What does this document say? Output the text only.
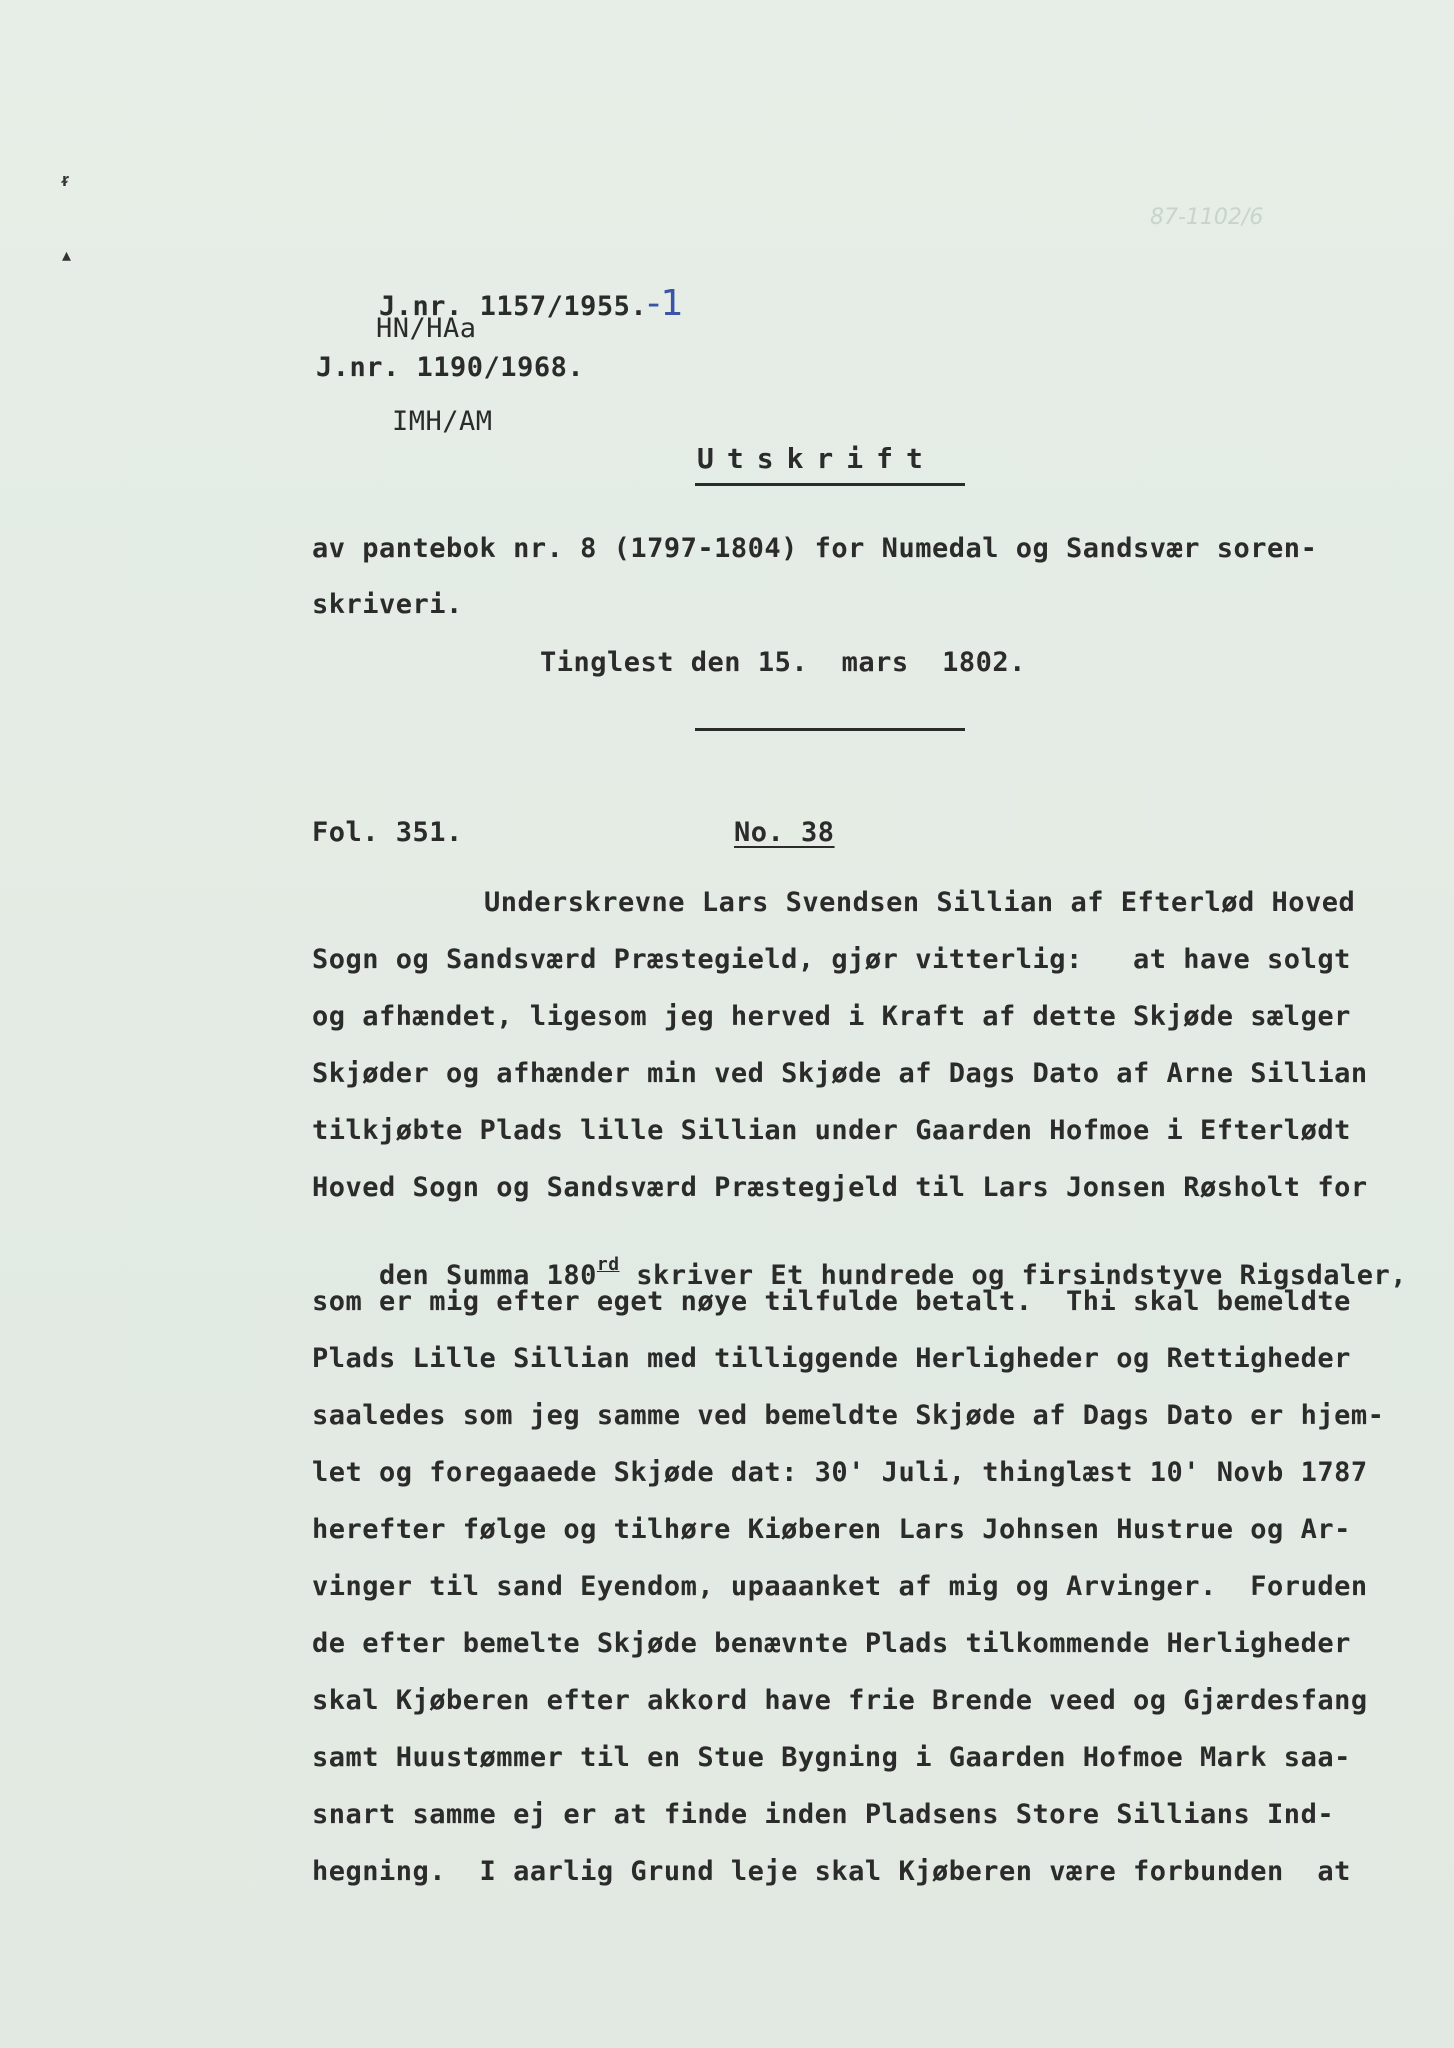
ᵲ
▴
87-1102/6

J.nr. 1157/1955.-1

HN/HAa
J.nr. 1190/1968.
IMH/AM
Utskrift
av pantebok nr. 8 (1797-1804) for Numedal og Sandsvær soren-
skriveri.
Tinglest den 15.  mars  1802.
Fol. 351.	No. 38
Underskrevne Lars Svendsen Sillian af Efterlød Hoved
Sogn og Sandsværd Præstegield, gjør vitterlig:   at have solgt
og afhændet, ligesom jeg herved i Kraft af dette Skjøde sælger
Skjøder og afhænder min ved Skjøde af Dags Dato af Arne Sillian
tilkjøbte Plads lille Sillian under Gaarden Hofmoe i Efterlødt
Hoved Sogn og Sandsværd Præstegjeld til Lars Jonsen Røsholt for

den Summa 180rd skriver Et hundrede og firsindstyve Rigsdaler,

som er mig efter eget nøye tilfulde betalt.  Thi skal bemeldte
Plads Lille Sillian med tilliggende Herligheder og Rettigheder
saaledes som jeg samme ved bemeldte Skjøde af Dags Dato er hjem-
let og foregaaede Skjøde dat: 30' Juli, thinglæst 10' Novb 1787
herefter følge og tilhøre Kiøberen Lars Johnsen Hustrue og Ar-
vinger til sand Eyendom, upaaanket af mig og Arvinger.  Foruden
de efter bemelte Skjøde benævnte Plads tilkommende Herligheder
skal Kjøberen efter akkord have frie Brende veed og Gjærdesfang
samt Huustømmer til en Stue Bygning i Gaarden Hofmoe Mark saa-
snart samme ej er at finde inden Pladsens Store Sillians Ind-
hegning.  I aarlig Grund leje skal Kjøberen være forbunden  at
